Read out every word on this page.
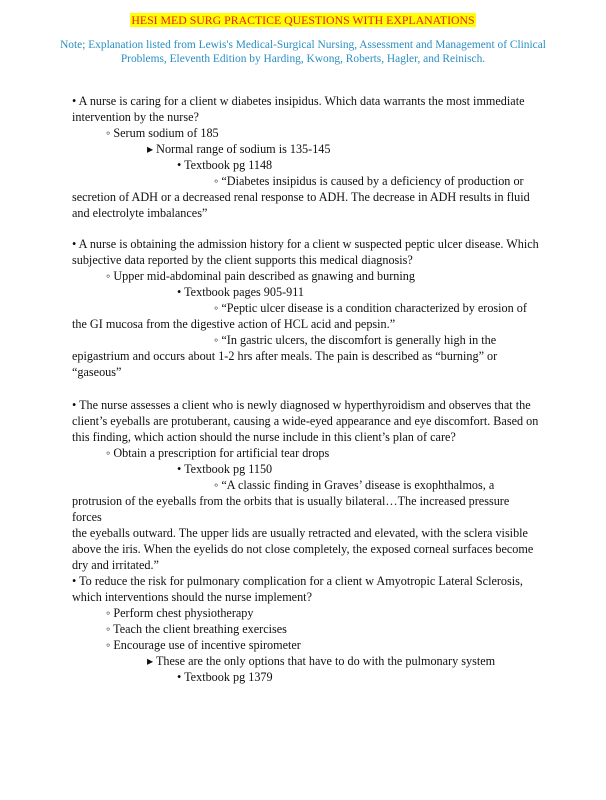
HESI MED SURG PRACTICE QUESTIONS WITH EXPLANATIONS
Note; Explanation listed from Lewis's Medical-Surgical Nursing, Assessment and Management of Clinical
Problems, Eleventh Edition by Harding, Kwong, Roberts, Hagler, and Reinisch.
• A nurse is caring for a client w diabetes insipidus. Which data warrants the most immediate
intervention by the nurse?
◦ Serum sodium of 185
▸ Normal range of sodium is 135-145
• Textbook pg 1148
◦ “Diabetes insipidus is caused by a deficiency of production or
secretion of ADH or a decreased renal response to ADH. The decrease in ADH results in fluid
and electrolyte imbalances”
• A nurse is obtaining the admission history for a client w suspected peptic ulcer disease. Which
subjective data reported by the client supports this medical diagnosis?
◦ Upper mid-abdominal pain described as gnawing and burning
• Textbook pages 905-911
◦ “Peptic ulcer disease is a condition characterized by erosion of
the GI mucosa from the digestive action of HCL acid and pepsin.”
◦ “In gastric ulcers, the discomfort is generally high in the
epigastrium and occurs about 1-2 hrs after meals. The pain is described as “burning” or
“gaseous”
• The nurse assesses a client who is newly diagnosed w hyperthyroidism and observes that the
client’s eyeballs are protuberant, causing a wide-eyed appearance and eye discomfort. Based on
this finding, which action should the nurse include in this client’s plan of care?
◦ Obtain a prescription for artificial tear drops
• Textbook pg 1150
◦ “A classic finding in Graves’ disease is exophthalmos, a
protrusion of the eyeballs from the orbits that is usually bilateral…The increased pressure forces
the eyeballs outward. The upper lids are usually retracted and elevated, with the sclera visible
above the iris. When the eyelids do not close completely, the exposed corneal surfaces become
dry and irritated.”
• To reduce the risk for pulmonary complication for a client w Amyotropic Lateral Sclerosis,
which interventions should the nurse implement?
◦ Perform chest physiotherapy
◦ Teach the client breathing exercises
◦ Encourage use of incentive spirometer
▸ These are the only options that have to do with the pulmonary system
• Textbook pg 1379
